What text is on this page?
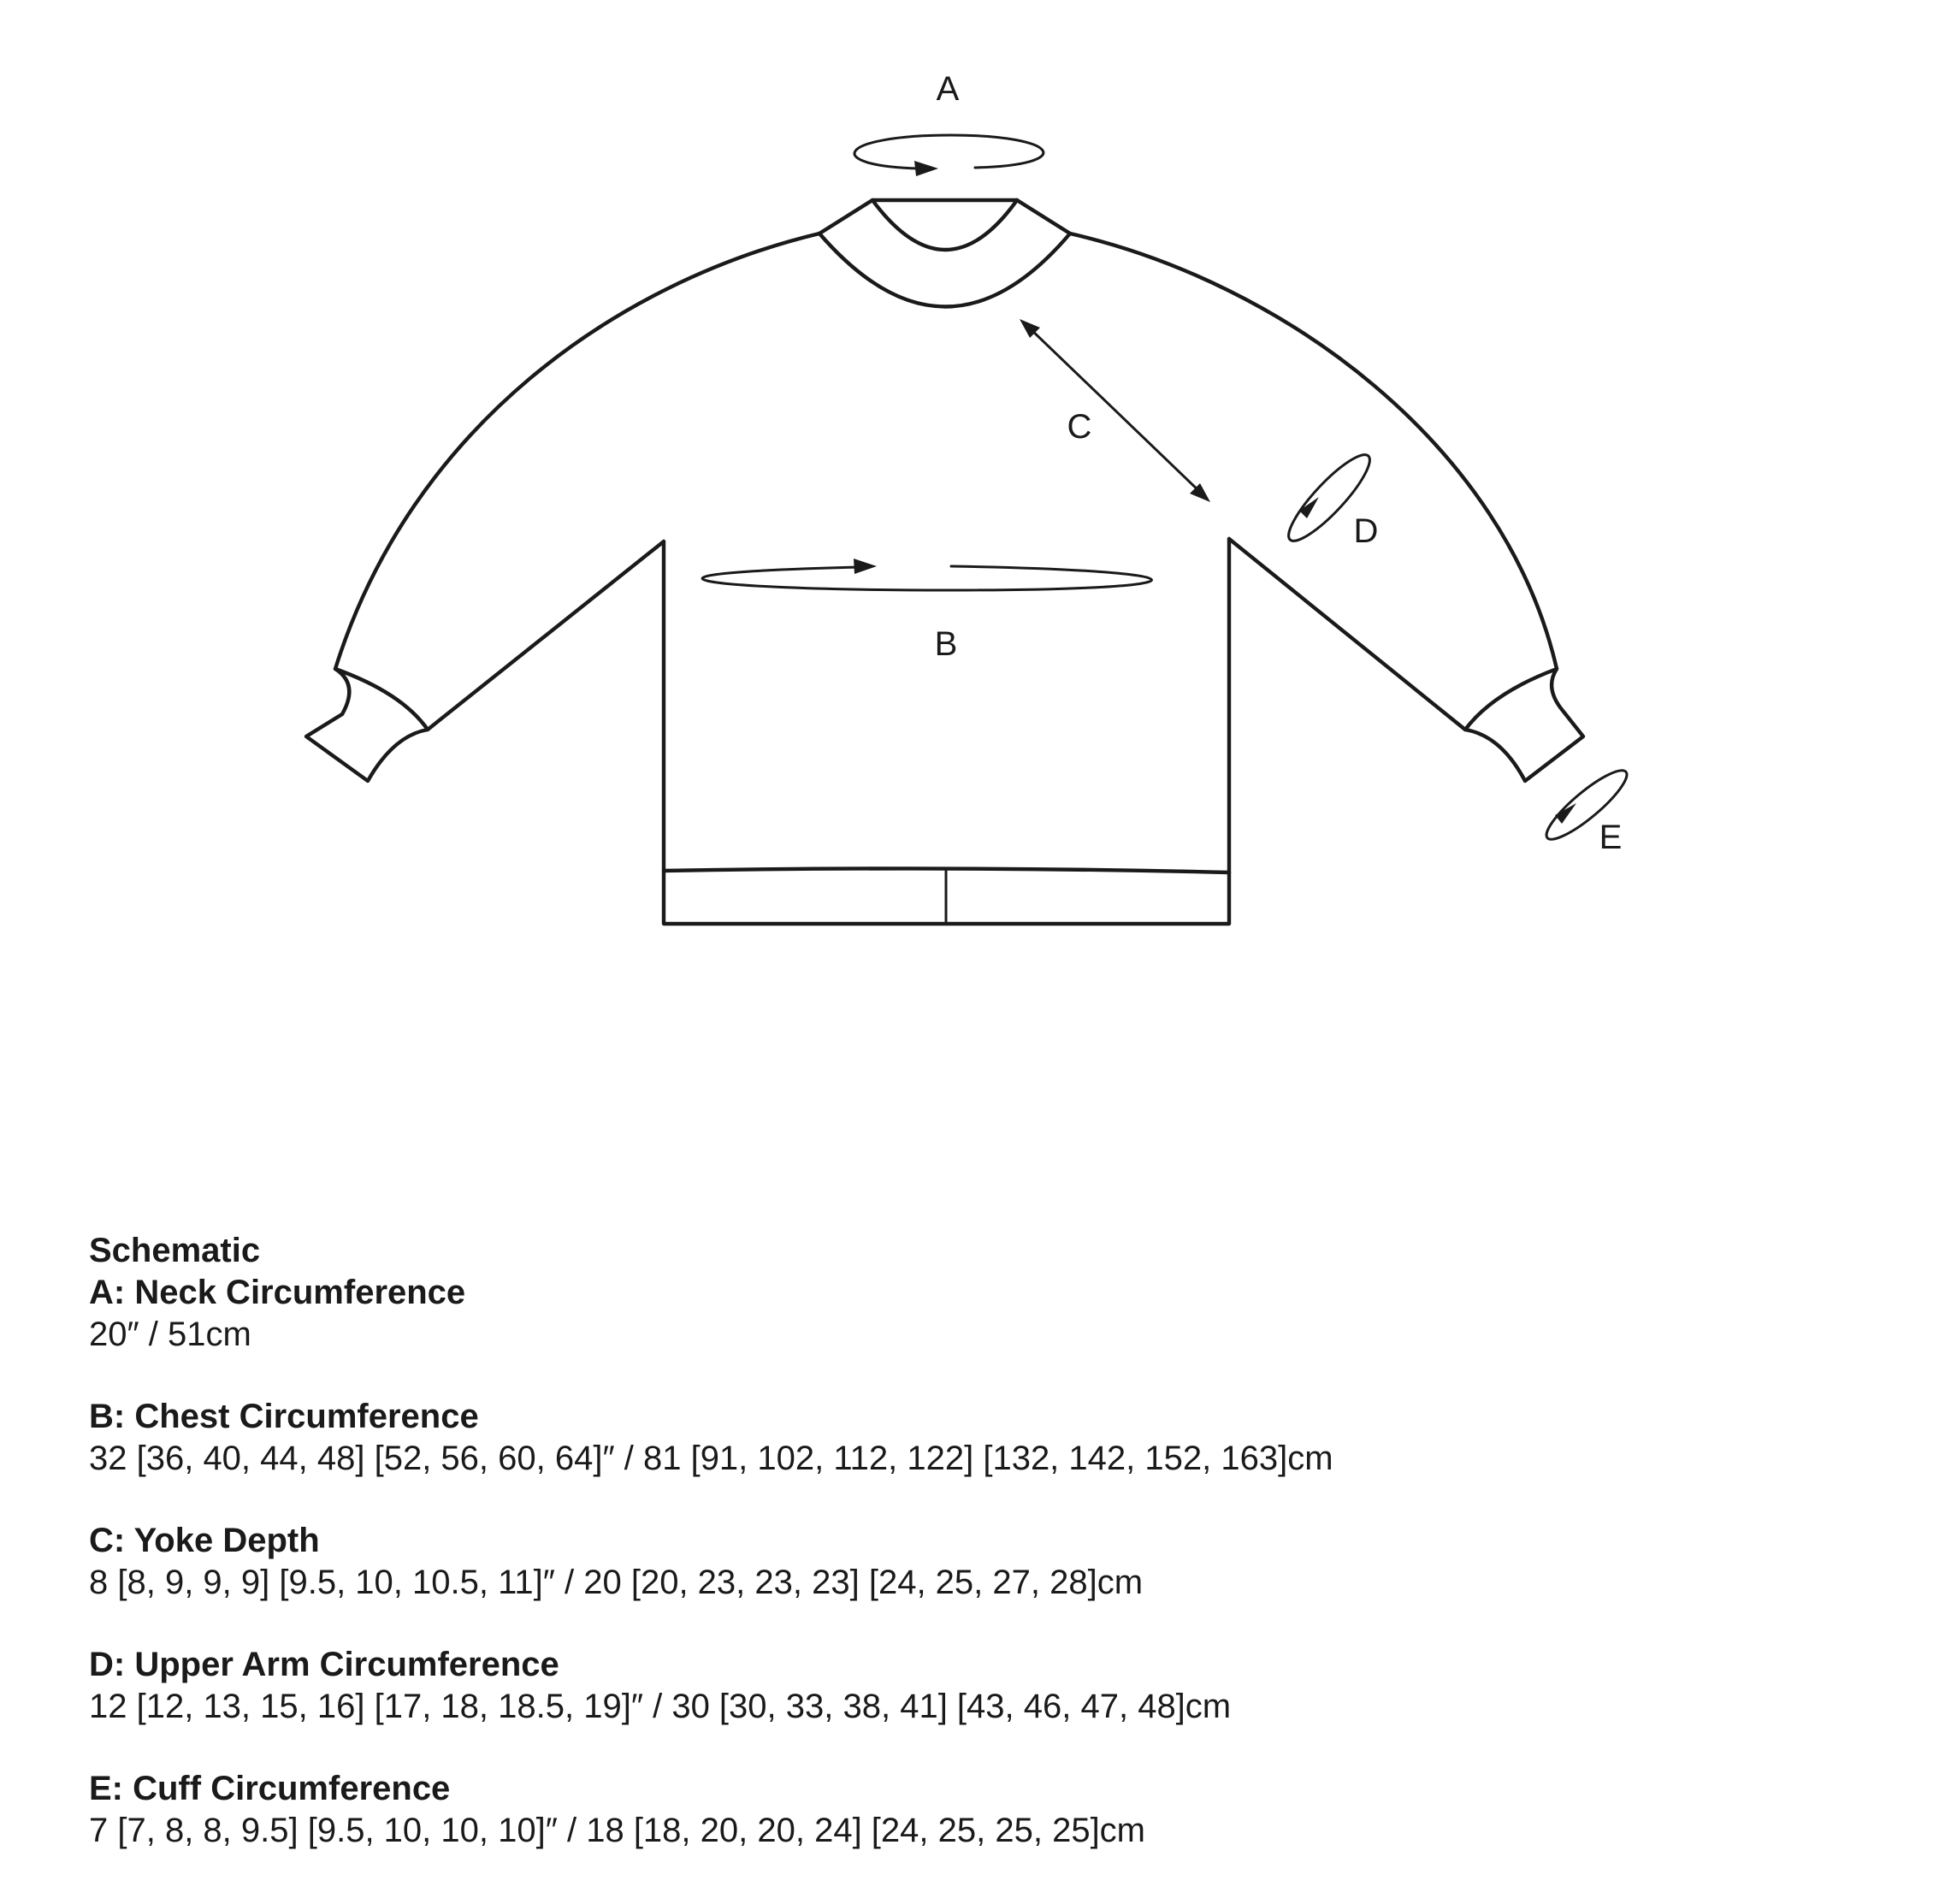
A
B
C
D
E
Schematic
A: Neck Circumference
20″ / 51cm
B: Chest Circumference
32 [36, 40, 44, 48] [52, 56, 60, 64]″ / 81 [91, 102, 112, 122] [132, 142, 152, 163]cm
C: Yoke Depth
8 [8, 9, 9, 9] [9.5, 10, 10.5, 11]″ / 20 [20, 23, 23, 23] [24, 25, 27, 28]cm
D: Upper Arm Circumference
12 [12, 13, 15, 16] [17, 18, 18.5, 19]″ / 30 [30, 33, 38, 41] [43, 46, 47, 48]cm
E: Cuff Circumference
7 [7, 8, 8, 9.5] [9.5, 10, 10, 10]″ / 18 [18, 20, 20, 24] [24, 25, 25, 25]cm
